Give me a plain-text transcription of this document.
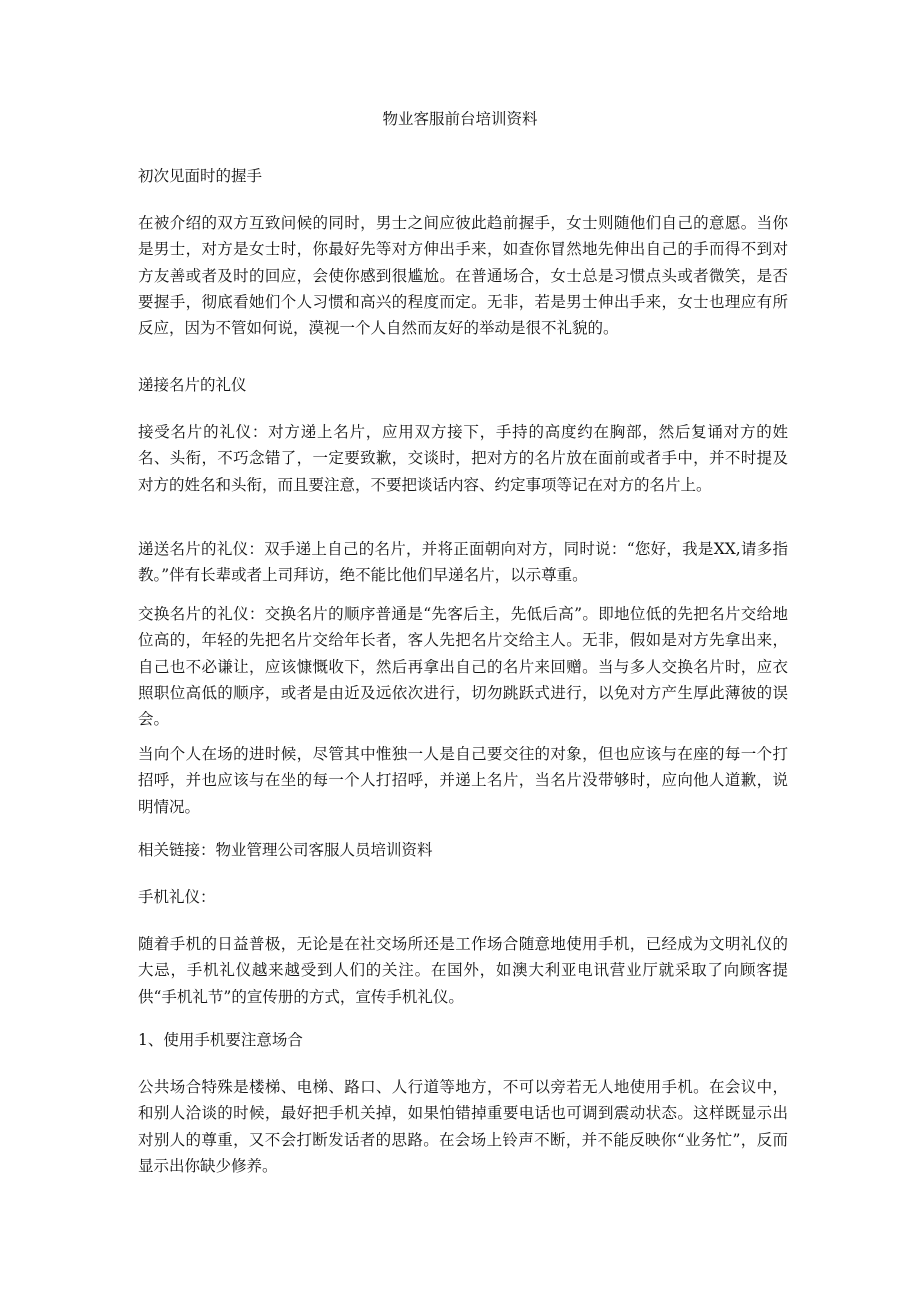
物业客服前台培训资料
初次见面时的握手

在被介绍的双方互致问候的同时，男士之间应彼此趋前握手，女士则随他们自己的意愿。当你是男士，对方是女士时，你最好先等对方伸出手来，如查你冒然地先伸出自己的手而得不到对方友善或者及时的回应，会使你感到很尴尬。在普通场合，女士总是习惯点头或者微笑，是否要握手，彻底看她们个人习惯和高兴的程度而定。无非，若是男士伸出手来，女士也理应有所反应，因为不管如何说，漠视一个人自然而友好的举动是很不礼貌的。

递接名片的礼仪

接受名片的礼仪：对方递上名片，应用双方接下，手持的高度约在胸部，然后复诵对方的姓名、头衔，不巧念错了，一定要致歉，交谈时，把对方的名片放在面前或者手中，并不时提及对方的姓名和头衔，而且要注意，不要把谈话内容、约定事项等记在对方的名片上。

递送名片的礼仪：双手递上自己的名片，并将正面朝向对方，同时说：“您好，我是XX,请多指教。”伴有长辈或者上司拜访，绝不能比他们早递名片，以示尊重。

交换名片的礼仪：交换名片的顺序普通是“先客后主，先低后高”。即地位低的先把名片交给地位高的，年轻的先把名片交给年长者，客人先把名片交给主人。无非，假如是对方先拿出来，自己也不必谦让，应该慷慨收下，然后再拿出自己的名片来回赠。当与多人交换名片时，应衣照职位高低的顺序，或者是由近及远依次进行，切勿跳跃式进行，以免对方产生厚此薄彼的误会。

当向个人在场的进时候，尽管其中惟独一人是自己要交往的对象，但也应该与在座的每一个打招呼，并也应该与在坐的每一个人打招呼，并递上名片，当名片没带够时，应向他人道歉，说明情况。

相关链接：物业管理公司客服人员培训资料

手机礼仪：

随着手机的日益普极，无论是在社交场所还是工作场合随意地使用手机，已经成为文明礼仪的大忌，手机礼仪越来越受到人们的关注。在国外，如澳大利亚电讯营业厅就采取了向顾客提供“手机礼节”的宣传册的方式，宣传手机礼仪。

1、使用手机要注意场合

公共场合特殊是楼梯、电梯、路口、人行道等地方，不可以旁若无人地使用手机。在会议中，和别人洽谈的时候，最好把手机关掉，如果怕错掉重要电话也可调到震动状态。这样既显示出对别人的尊重，又不会打断发话者的思路。在会场上铃声不断，并不能反映你“业务忙”，反而显示出你缺少修养。
